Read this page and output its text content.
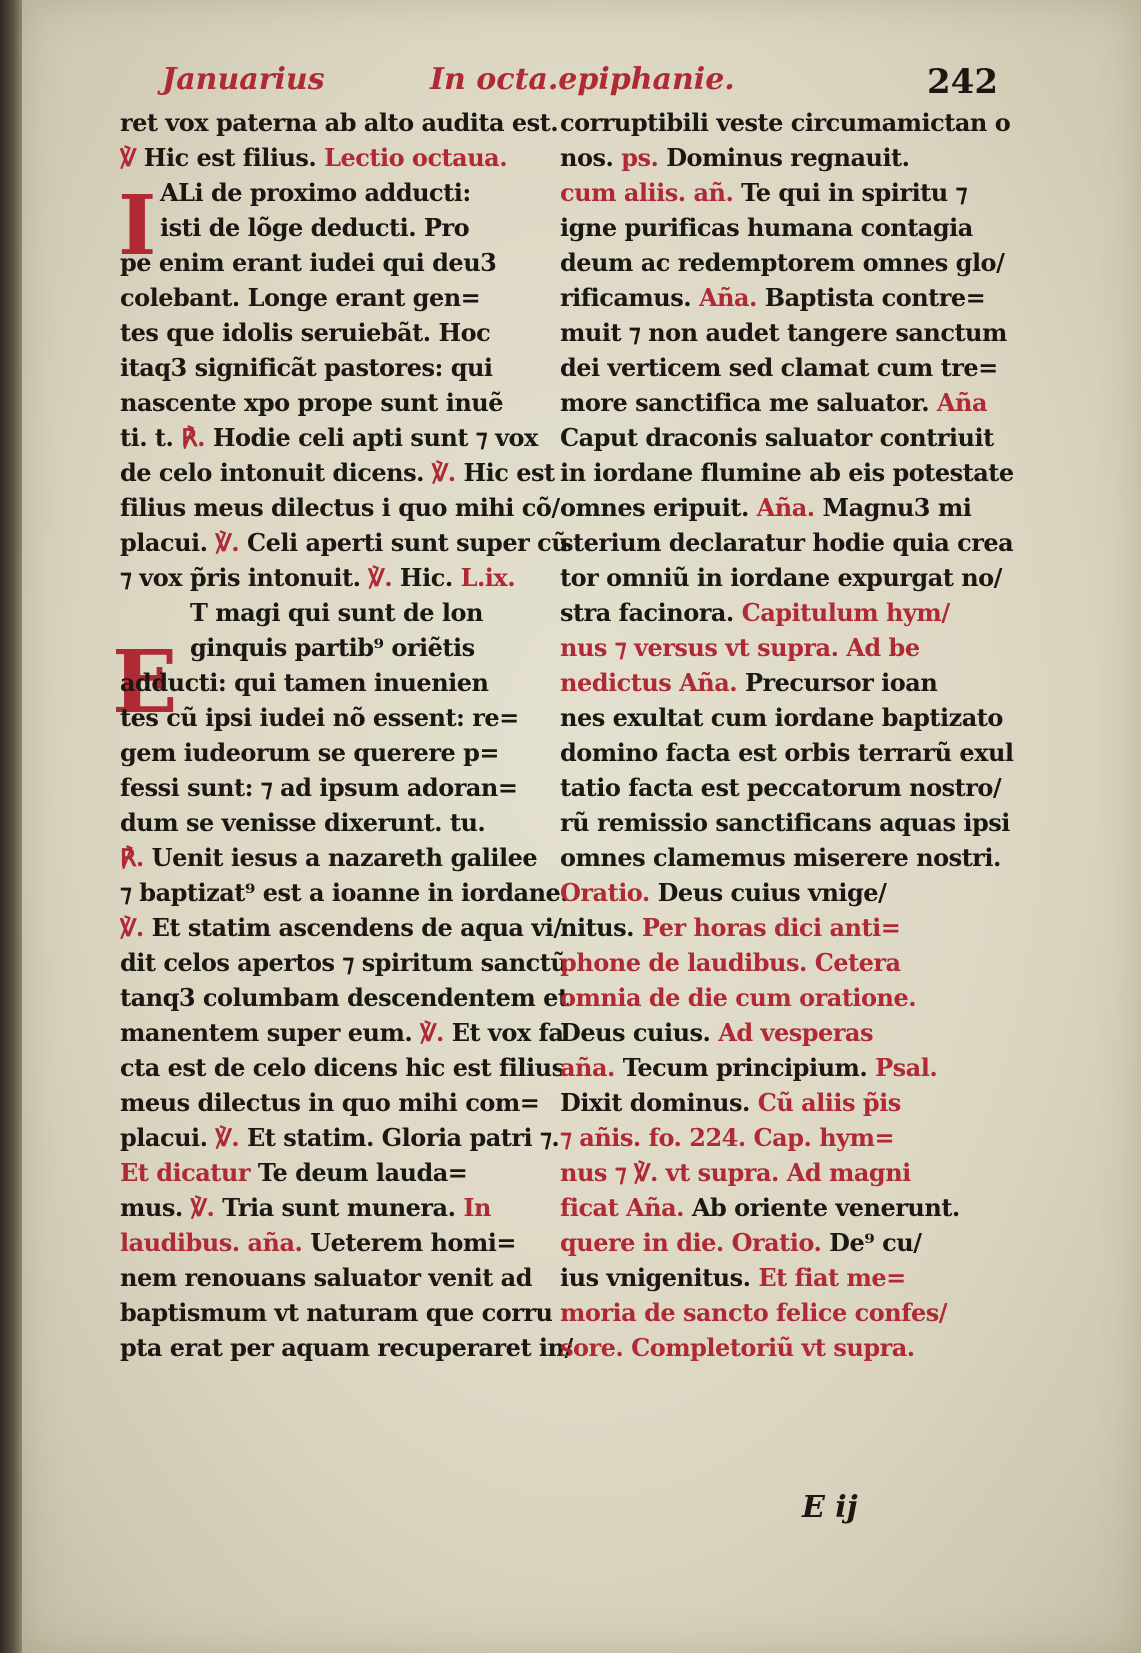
Januarius	In octa.epiphanie.	242
I
E
ret vox paterna ab alto audita est.
℣ Hic est filius. Lectio octaua.
ALi de proximo adducti:
isti de lõge deducti. Pro
pe enim erant iudei qui deu3
colebant. Longe erant gen=
tes que idolis seruiebãt. Hoc
itaq3 significãt pastores: qui
nascente xpo prope sunt inuẽ
ti. t. ℟. Hodie celi apti sunt ⁊ vox
de celo intonuit dicens. ℣. Hic est
filius meus dilectus i quo mihi cõ/
placui. ℣. Celi aperti sunt super cũ
⁊ vox p̃ris intonuit. ℣. Hic. L.ix.
T magi qui sunt de lon
ginquis partib⁹ oriẽtis
adducti: qui tamen inuenien
tes cũ ipsi iudei nõ essent: re=
gem iudeorum se querere p=
fessi sunt: ⁊ ad ipsum adoran=
dum se venisse dixerunt. tu.
℟. Uenit iesus a nazareth galilee
⁊ baptizat⁹ est a ioanne in iordane.
℣. Et statim ascendens de aqua vi/
dit celos apertos ⁊ spiritum sanctũ
tanq3 columbam descendentem et
manentem super eum. ℣. Et vox fa
cta est de celo dicens hic est filius
meus dilectus in quo mihi com=
placui. ℣. Et statim. Gloria patri ⁊.
Et dicatur Te deum lauda=
mus. ℣. Tria sunt munera. In
laudibus. aña. Ueterem homi=
nem renouans saluator venit ad
baptismum vt naturam que corru
pta erat per aquam recuperaret in/
corruptibili veste circumamictan o
nos. ps. Dominus regnauit.
cum aliis. añ. Te qui in spiritu ⁊
igne purificas humana contagia
deum ac redemptorem omnes glo/
rificamus. Aña. Baptista contre=
muit ⁊ non audet tangere sanctum
dei verticem sed clamat cum tre=
more sanctifica me saluator. Aña
Caput draconis saluator contriuit
in iordane flumine ab eis potestate
omnes eripuit. Aña. Magnu3 mi
sterium declaratur hodie quia crea
tor omniũ in iordane expurgat no/
stra facinora. Capitulum hym/
nus ⁊ versus vt supra. Ad be
nedictus Aña. Precursor ioan
nes exultat cum iordane baptizato
domino facta est orbis terrarũ exul
tatio facta est peccatorum nostro/
rũ remissio sanctificans aquas ipsi
omnes clamemus miserere nostri.
Oratio. Deus cuius vnige/
nitus. Per horas dici anti=
phone de laudibus. Cetera
omnia de die cum oratione.
Deus cuius. Ad vesperas
aña. Tecum principium. Psal.
Dixit dominus. Cũ aliis p̃is
⁊ añis. fo. 224. Cap. hym=
nus ⁊ ℣. vt supra. Ad magni
ficat Aña. Ab oriente venerunt.
quere in die. Oratio. De⁹ cu/
ius vnigenitus. Et fiat me=
moria de sancto felice confes/
sore. Completoriũ vt supra.
E ij
